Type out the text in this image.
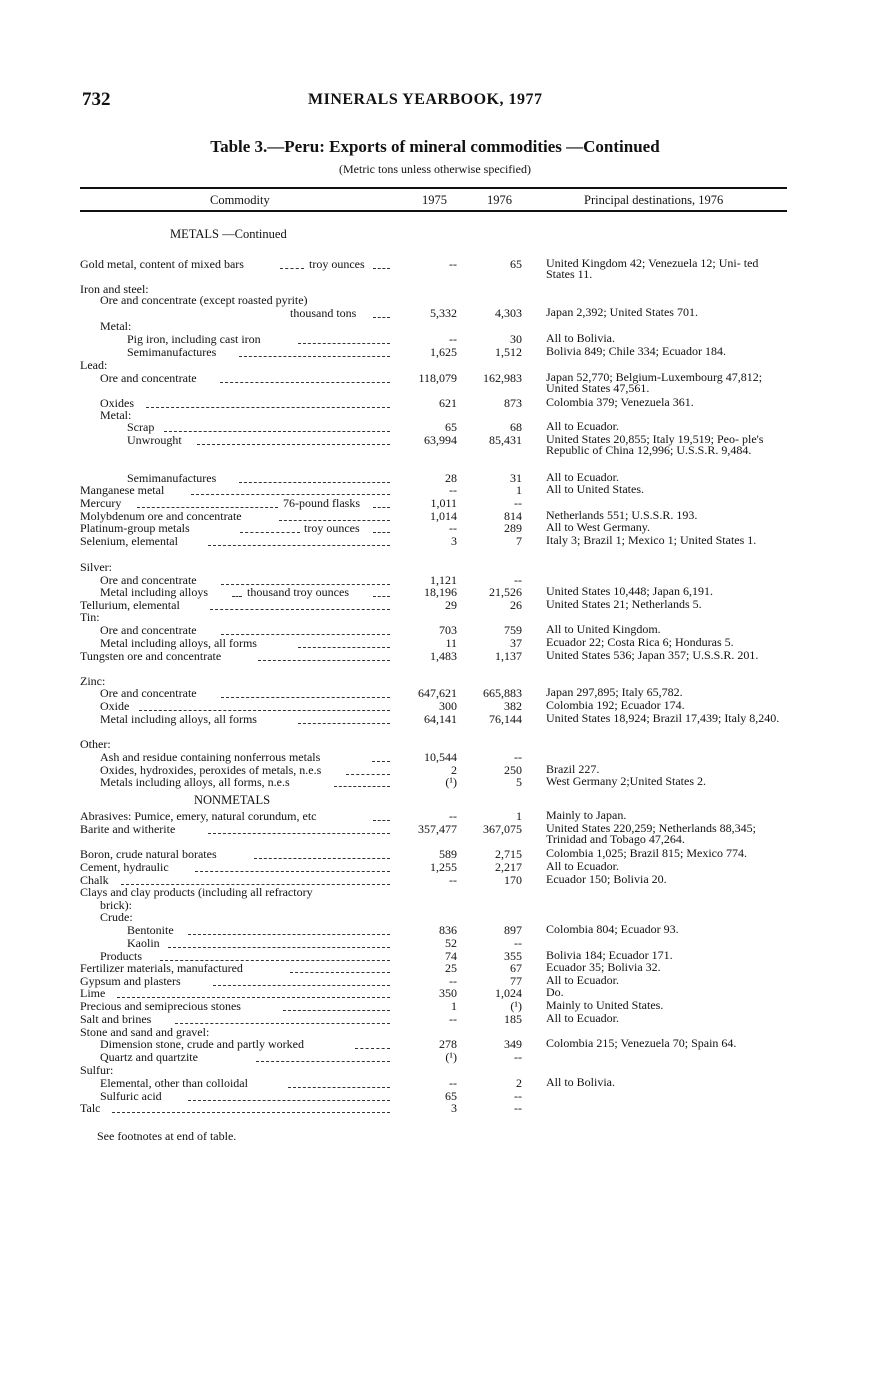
732	MINERALS YEARBOOK, 1977
Table 3.—Peru: Exports of mineral commodities —Continued
(Metric tons unless otherwise specified)
Commodity	1975	1976	Principal destinations, 1976
METALS —Continued
NONMETALS
Gold metal, content of mixed bars	troy ounces	--	65 United Kingdom 42; Venezuela 12; Uni- ted States 11.
Iron and steel:
Ore and concentrate (except roasted pyrite)
thousand tons	5,332	4,303 Japan 2,392; United States 701.
Metal:
Pig iron, including cast iron	--	30 All to Bolivia.
Semimanufactures	1,625	1,512 Bolivia 849; Chile 334; Ecuador 184.
Lead:
Ore and concentrate	118,079 162,983 Japan 52,770; Belgium-Luxembourg 47,812; United States 47,561.
Oxides	621	873 Colombia 379; Venezuela 361.
Metal:
Scrap	65	68 All to Ecuador.
Unwrought	63,994	85,431 United States 20,855; Italy 19,519; Peo- ple's Republic of China 12,996; U.S.S.R. 9,484.
Semimanufactures	28	31 All to Ecuador.
Manganese metal	--	1 All to United States.
Mercury	76-pound flasks	1,011	--
Molybdenum ore and concentrate	1,014	814 Netherlands 551; U.S.S.R. 193.
Platinum-group metals	troy ounces	--	289 All to West Germany.
Selenium, elemental	3	7 Italy 3; Brazil 1; Mexico 1; United States 1.
Silver:
Ore and concentrate	1,121	--
Metal including alloys	thousand troy ounces	18,196	21,526 United States 10,448; Japan 6,191.
Tellurium, elemental	29	26 United States 21; Netherlands 5.
Tin:
Ore and concentrate	703	759 All to United Kingdom.
Metal including alloys, all forms	11	37 Ecuador 22; Costa Rica 6; Honduras 5.
Tungsten ore and concentrate	1,483	1,137 United States 536; Japan 357; U.S.S.R. 201.
Zinc:
Ore and concentrate	647,621 665,883 Japan 297,895; Italy 65,782.
Oxide	300	382 Colombia 192; Ecuador 174.
Metal including alloys, all forms	64,141	76,144 United States 18,924; Brazil 17,439; Italy 8,240.
Other:
Ash and residue containing nonferrous metals	10,544	--
Oxides, hydroxides, peroxides of metals, n.e.s	2	250 Brazil 227.
Metals including alloys, all forms, n.e.s	(¹)	5 West Germany 2;United States 2.
Abrasives: Pumice, emery, natural corundum, etc	--	1 Mainly to Japan.
Barite and witherite	357,477 367,075 United States 220,259; Netherlands 88,345; Trinidad and Tobago 47,264.
Boron, crude natural borates	589	2,715 Colombia 1,025; Brazil 815; Mexico 774.
Cement, hydraulic	1,255	2,217 All to Ecuador.
Chalk	--	170 Ecuador 150; Bolivia 20.
Clays and clay products (including all refractory
brick):
Crude:
Bentonite	836	897 Colombia 804; Ecuador 93.
Kaolin	52	--
Products	74	355 Bolivia 184; Ecuador 171.
Fertilizer materials, manufactured	25	67 Ecuador 35; Bolivia 32.
Gypsum and plasters	--	77 All to Ecuador.
Lime	350	1,024 Do.
Precious and semiprecious stones	1	(¹) Mainly to United States.
Salt and brines	--	185 All to Ecuador.
Stone and sand and gravel:
Dimension stone, crude and partly worked	278	349 Colombia 215; Venezuela 70; Spain 64.
Quartz and quartzite	(¹)	--
Sulfur:
Elemental, other than colloidal	--	2 All to Bolivia.
Sulfuric acid	65	--
Talc	3	--
See footnotes at end of table.
